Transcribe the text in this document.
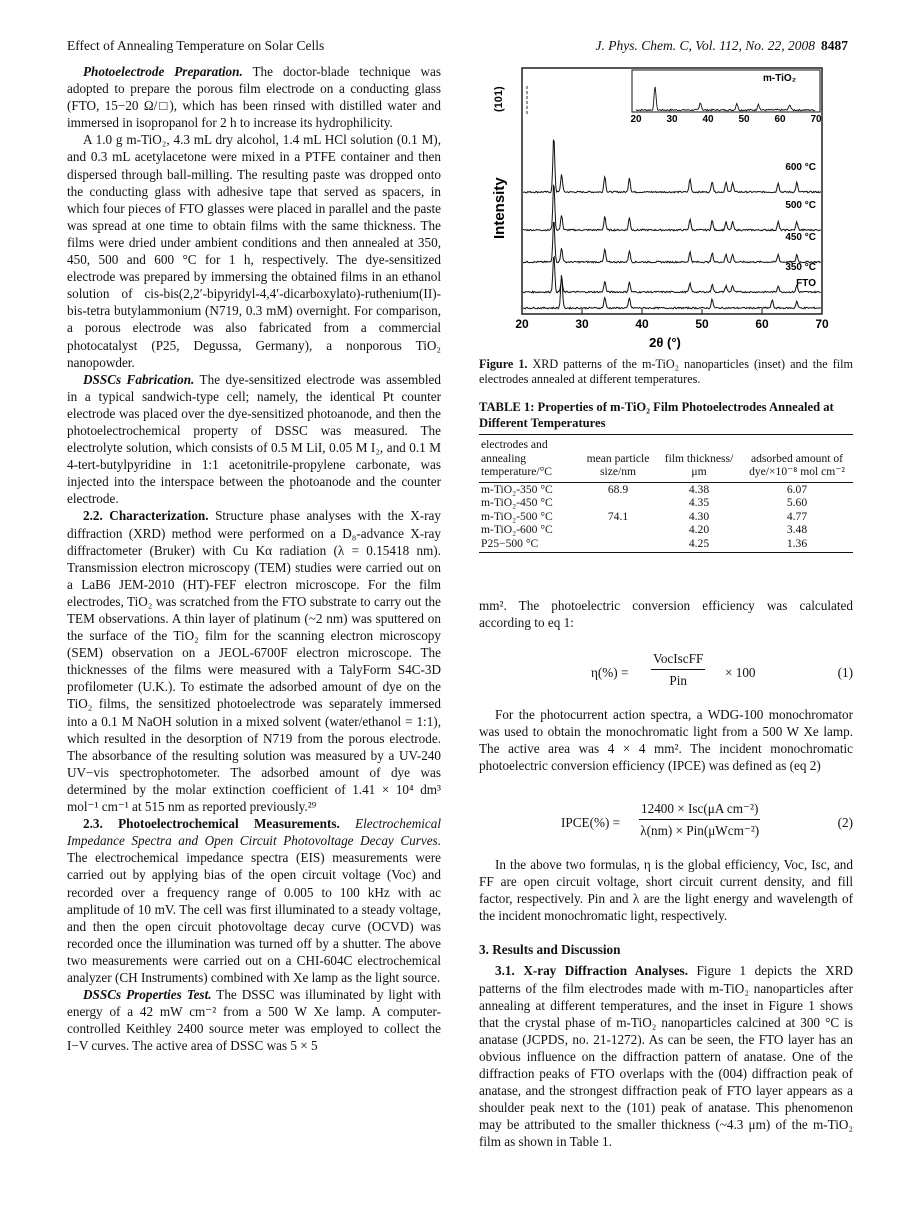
Effect of Annealing Temperature on Solar Cells	J. Phys. Chem. C, Vol. 112, No. 22, 2008 8487

Photoelectrode Preparation. The doctor-blade technique was adopted to prepare the porous film electrode on a conducting glass (FTO, 15−20 Ω/□), which has been rinsed with distilled water and immersed in isopropanol for 2 h to increase its hydrophilicity.

A 1.0 g m-TiO₂, 4.3 mL dry alcohol, 1.4 mL HCl solution (0.1 M), and 0.3 mL acetylacetone were mixed in a PTFE container and then dispersed through ball-milling. The resulting paste was dropped onto the conducting glass with adhesive tape that served as spacers, in which four pieces of FTO glasses were placed in parallel and the paste was spread at one time to obtain films with the same thickness. The films were dried under ambient conditions and then annealed at 350, 450, 500 and 600 °C for 1 h, respectively. The dye-sensitized electrode was prepared by immersing the obtained films in an ethanol solution of cis-bis(2,2′-bipyridyl-4,4′-dicarboxylato)-ruthenium(II)-bis-tetra butylammonium (N719, 0.3 mM) overnight. For comparison, a porous electrode was also fabricated from a commercial photocatalyst (P25, Degussa, Germany), a nonporous TiO₂ nanopowder.

DSSCs Fabrication. The dye-sensitized electrode was assembled in a typical sandwich-type cell; namely, the identical Pt counter electrode was placed over the dye-sensitized photoanode, and then the photoelectrochemical property of DSSC was measured. The electrolyte solution, which consists of 0.5 M LiI, 0.05 M I₂, and 0.1 M 4-tert-butylpyridine in 1:1 acetonitrile-propylene carbonate, was injected into the interspace between the photoanode and the counter electrode.

2.2. Characterization. Structure phase analyses with the X-ray diffraction (XRD) method were performed on a D₈-advance X-ray diffractometer (Bruker) with Cu Kα radiation (λ = 0.15418 nm). Transmission electron microscopy (TEM) studies were carried out on a LaB6 JEM-2010 (HT)-FEF electron microscope. For the film electrodes, TiO₂ was scratched from the FTO substrate to carry out the TEM observations. A thin layer of platinum (~2 nm) was sputtered on the surface of the TiO₂ film for the scanning electron microscopy (SEM) observation on a JEOL-6700F electron microscope. The thicknesses of the films were measured with a TalyForm S4C-3D profilometer (U.K.). To estimate the adsorbed amount of dye on the TiO₂ films, the sensitized photoelectrode was separately immersed into a 0.1 M NaOH solution in a mixed solvent (water/ethanol = 1:1), which resulted in the desorption of N719 from the porous electrode. The absorbance of the resulting solution was measured by a UV-240 UV−vis spectrophotometer. The adsorbed amount of dye was determined by the molar extinction coefficient of 1.41 × 10⁴ dm³ mol⁻¹ cm⁻¹ at 515 nm as reported previously.²⁹

2.3. Photoelectrochemical Measurements. Electrochemical Impedance Spectra and Open Circuit Photovoltage Decay Curves. The electrochemical impedance spectra (EIS) measurements were carried out by applying bias of the open circuit voltage (Voc) and recorded over a frequency range of 0.005 to 100 kHz with ac amplitude of 10 mV. The cell was first illuminated to a steady voltage, and then the open circuit photovoltage decay curve (OCVD) was recorded once the illumination was turned off by a shutter. The above two measurements were carried out on a CHI-604C electrochemical analyzer (CH Instruments) combined with Xe lamp as the light source.

DSSCs Properties Test. The DSSC was illuminated by light with energy of a 42 mW cm⁻² from a 500 W Xe lamp. A computer-controlled Keithley 2400 source meter was employed to collect the I−V curves. The active area of DSSC was 5 × 5

m-TiO₂
20 30 40 50 60 70
Intensity
(101)
600 °C
500 °C
450 °C
350 °C
FTO
20	30	40	50	60	70
2θ (°)
Figure 1. XRD patterns of the m-TiO₂ nanoparticles (inset) and the film electrodes annealed at different temperatures.
TABLE 1: Properties of m-TiO₂ Film Photoelectrodes Annealed at Different Temperatures
electrodes and annealing temperature/°C	mean particle size/nm	film thickness/ μm	adsorbed amount of dye/×10⁻⁸ mol cm⁻²
m-TiO₂-350 °C	68.9	4.38	6.07
m-TiO₂-450 °C		4.35	5.60
m-TiO₂-500 °C	74.1	4.30	4.77
m-TiO₂-600 °C		4.20	3.48
P25−500 °C		4.25	1.36

mm². The photoelectric conversion efficiency was calculated according to eq 1:

η(%) =
VocIscFF
Pin
× 100	(1)

For the photocurrent action spectra, a WDG-100 monochromator was used to obtain the monochromatic light from a 500 W Xe lamp. The active area was 4 × 4 mm². The incident monochromatic photoelectric conversion efficiency (IPCE) was defined as (eq 2)

IPCE(%) =
12400 × Isc(μA cm⁻²)
λ(nm) × Pin(μWcm⁻²)
(2)

In the above two formulas, η is the global efficiency, Voc, Isc, and FF are open circuit voltage, short circuit current density, and fill factor, respectively. Pin and λ are the light energy and wavelength of the incident monochromatic light, respectively.

3. Results and Discussion

3.1. X-ray Diffraction Analyses. Figure 1 depicts the XRD patterns of the film electrodes made with m-TiO₂ nanoparticles after annealing at different temperatures, and the inset in Figure 1 shows that the crystal phase of m-TiO₂ nanoparticles calcined at 300 °C is anatase (JCPDS, no. 21-1272). As can be seen, the FTO layer has an obvious influence on the diffraction pattern of anatase. One of the diffraction peaks of FTO overlaps with the (004) diffraction peak of anatase, and the strongest diffraction peak of FTO layer appears as a shoulder peak next to the (101) peak of anatase. This phenomenon may be attributed to the smaller thickness (~4.3 μm) of the m-TiO₂ film as shown in Table 1.
